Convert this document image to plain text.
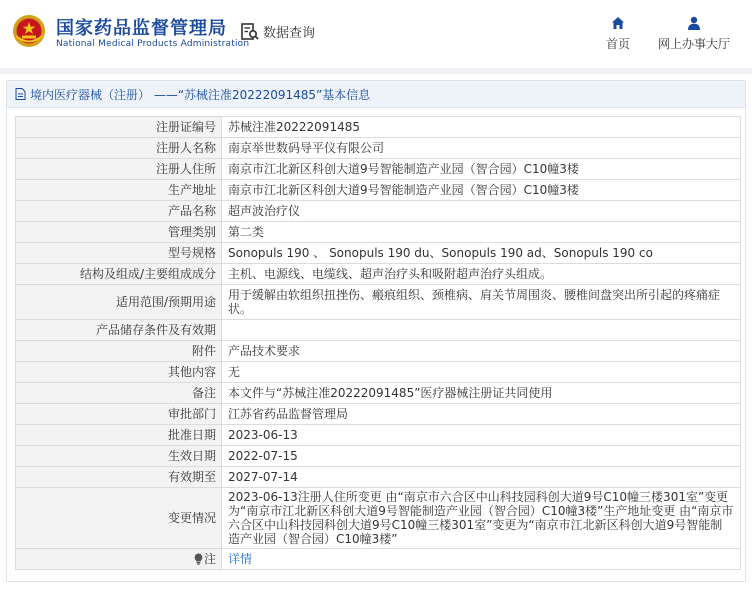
国家药品监督管理局
National Medical Products Administration
数据查询
首页 网上办事大厅
境内医疗器械（注册） ——“苏械注准20222091485”基本信息
注册证编号	苏械注准20222091485
注册人名称	南京举世数码导平仪有限公司
注册人住所	南京市江北新区科创大道9号智能制造产业园（智合园）C10幢3楼
生产地址	南京市江北新区科创大道9号智能制造产业园（智合园）C10幢3楼
产品名称	超声波治疗仪
管理类别	第二类
型号规格	Sonopuls 190 、 Sonopuls 190 du、Sonopuls 190 ad、Sonopuls 190 co
结构及组成/主要组成成分	主机、电源线、电缆线、超声治疗头和吸附超声治疗头组成。
适用范围/预期用途	用于缓解由软组织扭挫伤、瘢痕组织、颈椎病、肩关节周围炎、腰椎间盘突出所引起的疼痛症状。
产品储存条件及有效期	
附件	产品技术要求
其他内容	无
备注	本文件与“苏械注准20222091485”医疗器械注册证共同使用
审批部门	江苏省药品监督管理局
批准日期	2023-06-13
生效日期	2022-07-15
有效期至	2027-07-14
变更情况	2023-06-13注册人住所变更 由“南京市六合区中山科技园科创大道9号C10幢三楼301室”变更为“南京市江北新区科创大道9号智能制造产业园（智合园）C10幢3楼”生产地址变更 由“南京市六合区中山科技园科创大道9号C10幢三楼301室”变更为“南京市江北新区科创大道9号智能制造产业园（智合园）C10幢3楼”
注	详情
